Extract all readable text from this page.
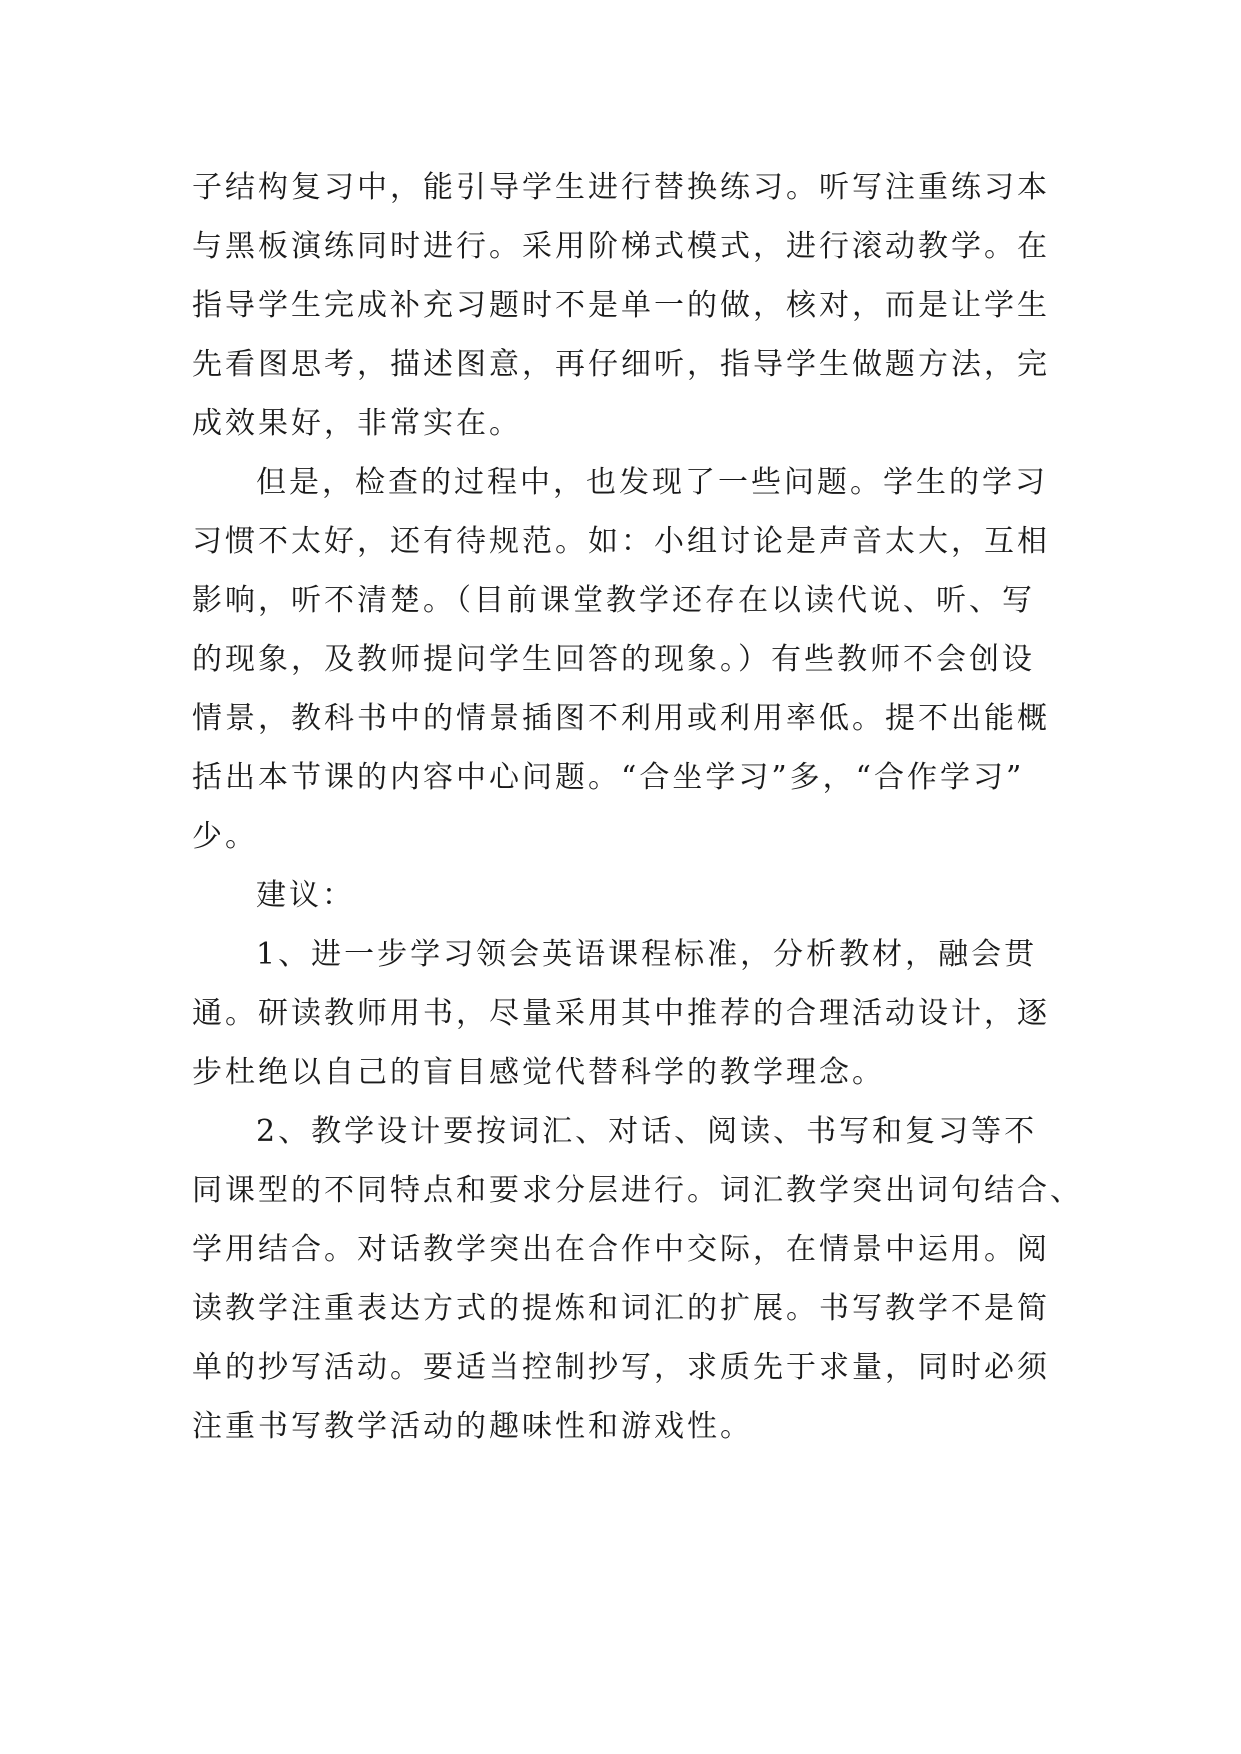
子结构复习中，能引导学生进行替换练习。听写注重练习本
与黑板演练同时进行。采用阶梯式模式，进行滚动教学。在
指导学生完成补充习题时不是单一的做，核对，而是让学生
先看图思考，描述图意，再仔细听，指导学生做题方法，完
成效果好，非常实在。
但是，检查的过程中，也发现了一些问题。学生的学习
习惯不太好，还有待规范。如：小组讨论是声音太大，互相
影响，听不清楚。（目前课堂教学还存在以读代说、听、写
的现象，及教师提问学生回答的现象。）有些教师不会创设
情景，教科书中的情景插图不利用或利用率低。提不出能概
括出本节课的内容中心问题。“合坐学习”多，“合作学习”
少。
建议：
1、进一步学习领会英语课程标准，分析教材，融会贯
通。研读教师用书，尽量采用其中推荐的合理活动设计，逐
步杜绝以自己的盲目感觉代替科学的教学理念。
2、教学设计要按词汇、对话、阅读、书写和复习等不
同课型的不同特点和要求分层进行。词汇教学突出词句结合、
学用结合。对话教学突出在合作中交际，在情景中运用。阅
读教学注重表达方式的提炼和词汇的扩展。书写教学不是简
单的抄写活动。要适当控制抄写，求质先于求量，同时必须
注重书写教学活动的趣味性和游戏性。
